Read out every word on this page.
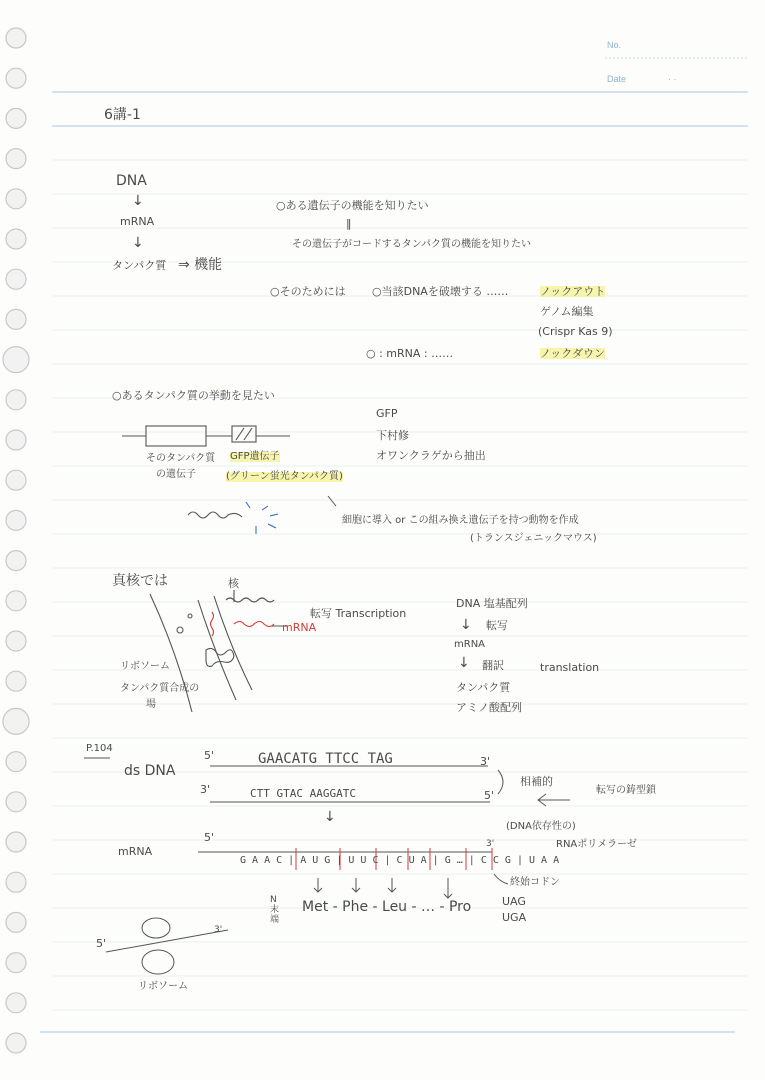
No.
Date	· ·
6講-1
DNA
↓
mRNA
↓
タンパク質 ⇒ 機能
○ある遺伝子の機能を知りたい
‖
その遺伝子がコードするタンパク質の機能を知りたい
○そのためには ○当該DNAを破壊する ……	ノックアウト
ゲノム編集
(Crispr Kas 9)
○ : mRNA : ……	ノックダウン
○あるタンパク質の挙動を見たい
そのタンパク質
の遺伝子
GFP遺伝子
(グリーン蛍光タンパク質)
GFP
下村修
オワンクラゲから抽出
細胞に導入 or この組み換え遺伝子を持つ動物を作成
(トランスジェニックマウス)
真核では	核
mRNA
転写 Transcription
リボソーム
タンパク質合成の
場
DNA 塩基配列
↓ 転写
mRNA
↓ 翻訳	translation
タンパク質
アミノ酸配列
P.104
ds DNA
5'	GAACATG TTCC TAG	3'
3'	CTT GTAC AAGGATC	5'
相補的
転写の鋳型鎖
↓
(DNA依存性の)
RNAポリメラーゼ
mRNA
5'	3'
G A A C | A U G | U U C | C U A | G … | C C G | U A A
N
末
端
Met - Phe - Leu - … - Pro
終始コドン
UAG
UGA
5'
3'
リボソーム
